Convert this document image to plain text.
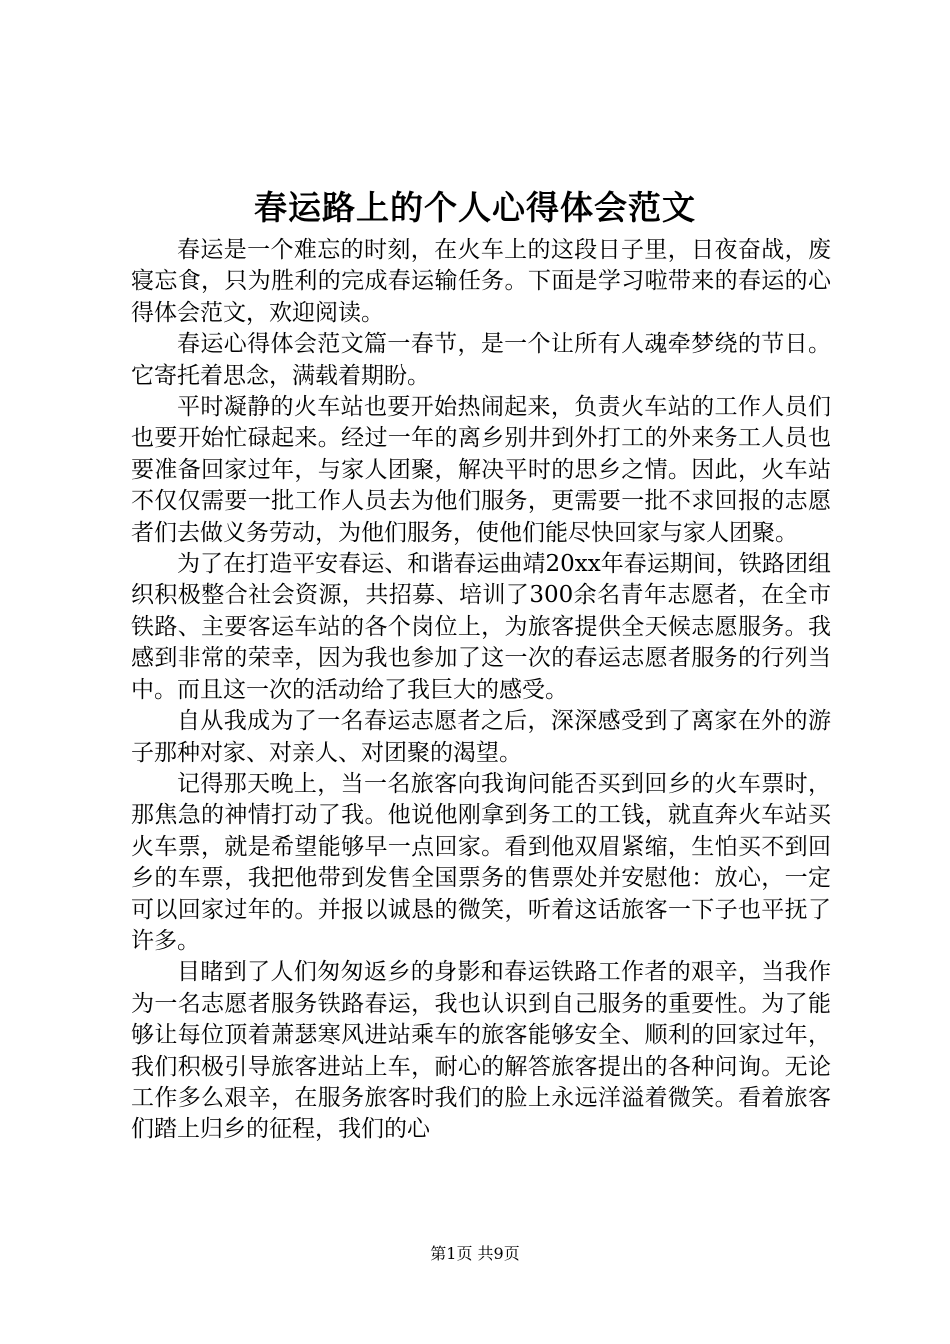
春运路上的个人心得体会范文

春运是一个难忘的时刻，在火车上的这段日子里，日夜奋战，废寝忘食，只为胜利的完成春运输任务。下面是学习啦带来的春运的心得体会范文，欢迎阅读。

春运心得体会范文篇一春节，是一个让所有人魂牵梦绕的节日。它寄托着思念，满载着期盼。

平时凝静的火车站也要开始热闹起来，负责火车站的工作人员们也要开始忙碌起来。经过一年的离乡别井到外打工的外来务工人员也要准备回家过年，与家人团聚，解决平时的思乡之情。因此，火车站不仅仅需要一批工作人员去为他们服务，更需要一批不求回报的志愿者们去做义务劳动，为他们服务，使他们能尽快回家与家人团聚。

为了在打造平安春运、和谐春运曲靖20xx年春运期间，铁路团组织积极整合社会资源，共招募、培训了300余名青年志愿者，在全市铁路、主要客运车站的各个岗位上，为旅客提供全天候志愿服务。我感到非常的荣幸，因为我也参加了这一次的春运志愿者服务的行列当中。而且这一次的活动给了我巨大的感受。

自从我成为了一名春运志愿者之后，深深感受到了离家在外的游子那种对家、对亲人、对团聚的渴望。

记得那天晚上，当一名旅客向我询问能否买到回乡的火车票时，那焦急的神情打动了我。他说他刚拿到务工的工钱，就直奔火车站买火车票，就是希望能够早一点回家。看到他双眉紧缩，生怕买不到回乡的车票，我把他带到发售全国票务的售票处并安慰他：放心，一定可以回家过年的。并报以诚恳的微笑，听着这话旅客一下子也平抚了许多。

目睹到了人们匆匆返乡的身影和春运铁路工作者的艰辛，当我作为一名志愿者服务铁路春运，我也认识到自己服务的重要性。为了能够让每位顶着萧瑟寒风进站乘车的旅客能够安全、顺利的回家过年，我们积极引导旅客进站上车，耐心的解答旅客提出的各种问询。无论工作多么艰辛，在服务旅客时我们的脸上永远洋溢着微笑。看着旅客们踏上归乡的征程，我们的心

第1页 共9页
